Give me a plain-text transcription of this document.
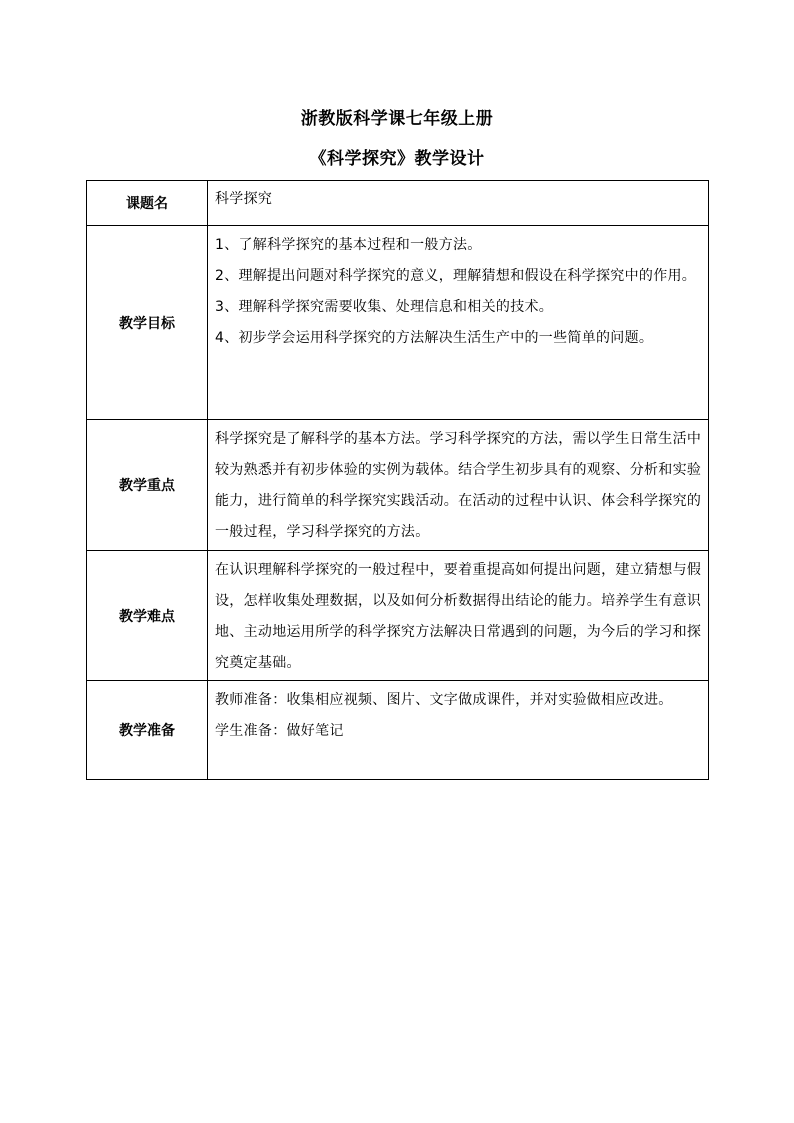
浙教版科学课七年级上册
《科学探究》教学设计
课题名	科学探究
教学目标	1、了解科学探究的基本过程和一般方法。

2、理解提出问题对科学探究的意义，理解猜想和假设在科学探究中的作用。

3、理解科学探究需要收集、处理信息和相关的技术。

4、初步学会运用科学探究的方法解决生活生产中的一些简单的问题。

教学重点	科学探究是了解科学的基本方法。学习科学探究的方法，需以学生日常生活中较为熟悉并有初步体验的实例为载体。结合学生初步具有的观察、分析和实验能力，进行简单的科学探究实践活动。在活动的过程中认识、体会科学探究的一般过程，学习科学探究的方法。
教学难点	在认识理解科学探究的一般过程中，要着重提高如何提出问题，建立猜想与假设，怎样收集处理数据，以及如何分析数据得出结论的能力。培养学生有意识地、主动地运用所学的科学探究方法解决日常遇到的问题，为今后的学习和探究奠定基础。
教学准备	教师准备：收集相应视频、图片、文字做成课件，并对实验做相应改进。

学生准备：做好笔记
